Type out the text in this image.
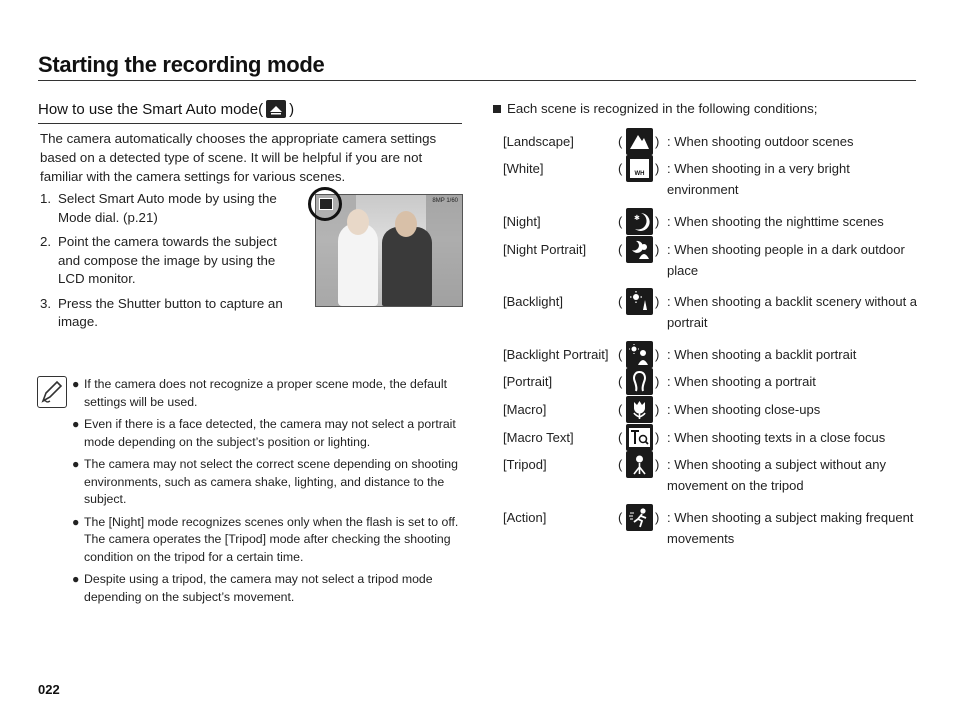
Starting the recording mode
How to use the Smart Auto mode( )
The camera automatically chooses the appropriate camera settings based on a detected type of scene. It will be helpful if you are not familiar with the camera settings for various scenes.
1. Select Smart Auto mode by using the Mode dial. (p.21)
2. Point the camera towards the subject and compose the image by using the LCD monitor.
3. Press the Shutter button to capture an image.
8MP 1/60
● If the camera does not recognize a proper scene mode, the default settings will be used.
● Even if there is a face detected, the camera may not select a portrait mode depending on the subject’s position or lighting.
● The camera may not select the correct scene depending on shooting environments, such as camera shake, lighting, and distance to the subject.
● The [Night] mode recognizes scenes only when the flash is set to off. The camera operates the [Tripod] mode after checking the shooting condition on the tripod for a certain time.
● Despite using a tripod, the camera may not select a tripod mode depending on the subject’s movement.
Each scene is recognized in the following conditions;
[Landscape]	(	) : When shooting outdoor scenes
[White]	( WH ) : When shooting in a very bright environment
[Night]	( ✱ ) : When shooting the nighttime scenes
[Night Portrait] (	) : When shooting people in a dark outdoor place
[Backlight]	(	) : When shooting a backlit scenery without a portrait
[Backlight Portrait] (	) : When shooting a backlit portrait
[Portrait]	(	) : When shooting a portrait
[Macro]	(	) : When shooting close-ups
[Macro Text]	(	) : When shooting texts in a close focus
[Tripod]	(	) : When shooting a subject without any movement on the tripod
[Action]	(	) : When shooting a subject making frequent movements
022
